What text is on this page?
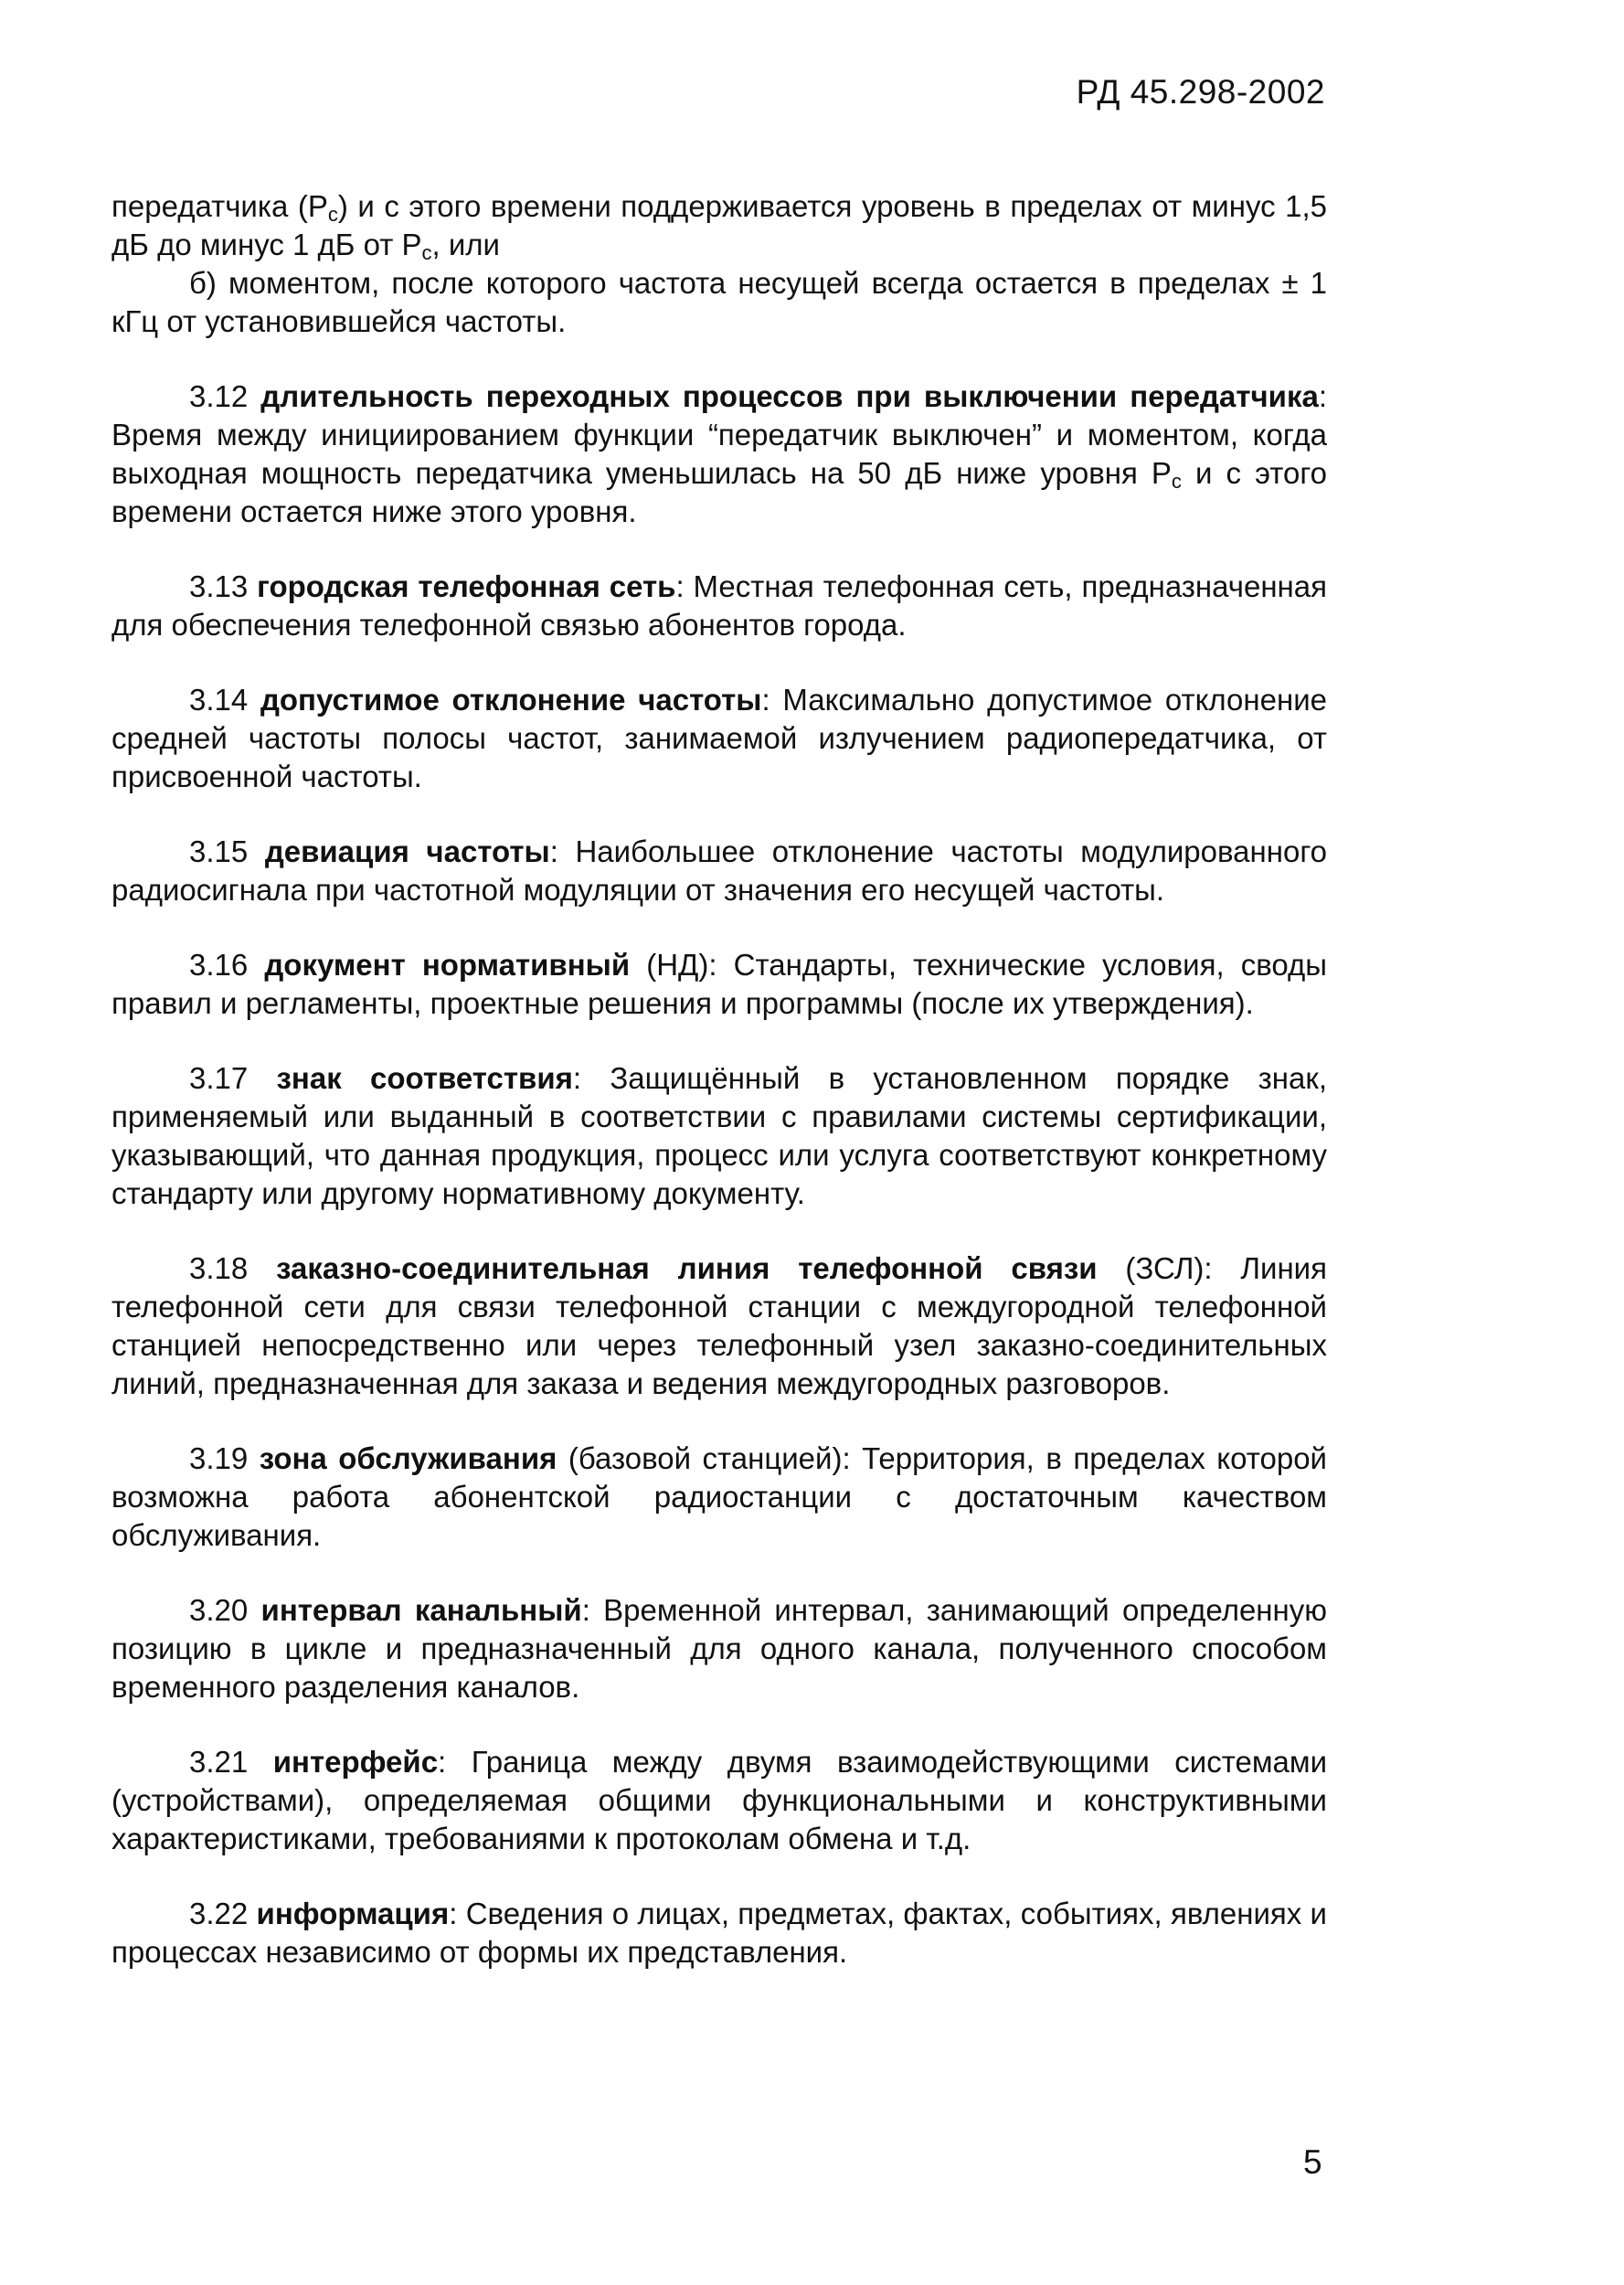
РД 45.298-2002

передатчика $(Р_с)$ и с этого времени поддерживается уровень в пределах от минус 1,5 дБ до минус 1 дБ от $Р_с$, или

б) моментом, после которого частота несущей всегда остается в пределах ± 1 кГц от установившейся частоты.

3.12 длительность переходных процессов при выключении передатчика: Время между инициированием функции “передатчик выключен” и моментом, когда выходная мощность передатчика уменьшилась на 50 дБ ниже уровня $Р_с$ и с этого времени остается ниже этого уровня.

3.13 городская телефонная сеть: Местная телефонная сеть, предназначенная для обеспечения телефонной связью абонентов города.

3.14 допустимое отклонение частоты: Максимально допустимое отклонение средней частоты полосы частот, занимаемой излучением радиопередатчика, от присвоенной частоты.

3.15 девиация частоты: Наибольшее отклонение частоты модулированного радиосигнала при частотной модуляции от значения его несущей частоты.

3.16 документ нормативный (НД): Стандарты, технические условия, своды правил и регламенты, проектные решения и программы (после их утверждения).

3.17 знак соответствия: Защищённый в установленном порядке знак, применяемый или выданный в соответствии с правилами системы сертификации, указывающий, что данная продукция, процесс или услуга соответствуют конкретному стандарту или другому нормативному документу.

3.18 заказно-соединительная линия телефонной связи (ЗСЛ): Линия телефонной сети для связи телефонной станции с междугородной телефонной станцией непосредственно или через телефонный узел заказно-соединительных линий, предназначенная для заказа и ведения междугородных разговоров.

3.19 зона обслуживания (базовой станцией): Территория, в пределах которой возможна работа абонентской радиостанции с достаточным качеством обслуживания.

3.20 интервал канальный: Временной интервал, занимающий определенную позицию в цикле и предназначенный для одного канала, полученного способом временного разделения каналов.

3.21 интерфейс: Граница между двумя взаимодействующими системами (устройствами), определяемая общими функциональными и конструктивными характеристиками, требованиями к протоколам обмена и т.д.

3.22 информация: Сведения о лицах, предметах, фактах, событиях, явлениях и процессах независимо от формы их представления.

5
